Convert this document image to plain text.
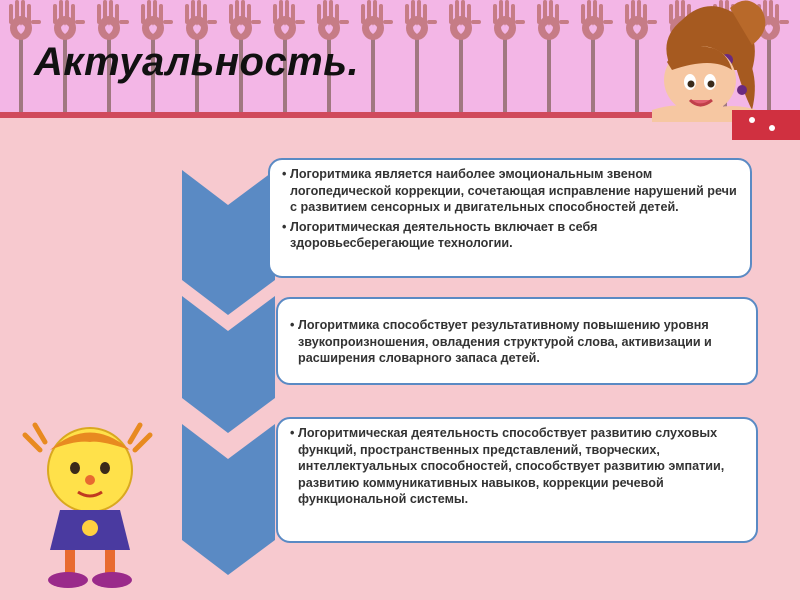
Актуальность.
• Логоритмика является наиболее эмоциональным звеном логопедической коррекции, сочетающая исправление нарушений речи с развитием сенсорных и двигательных способностей детей.
• Логоритмическая деятельность включает в себя здоровьесберегающие технологии.
• Логоритмика способствует результативному повышению уровня звукопроизношения, овладения структурой слова, активизации и расширения словарного запаса детей.
• Логоритмическая деятельность способствует развитию слуховых функций, пространственных представлений, творческих, интеллектуальных способностей, способствует развитию эмпатии, развитию коммуникативных навыков, коррекции речевой функциональной системы.
